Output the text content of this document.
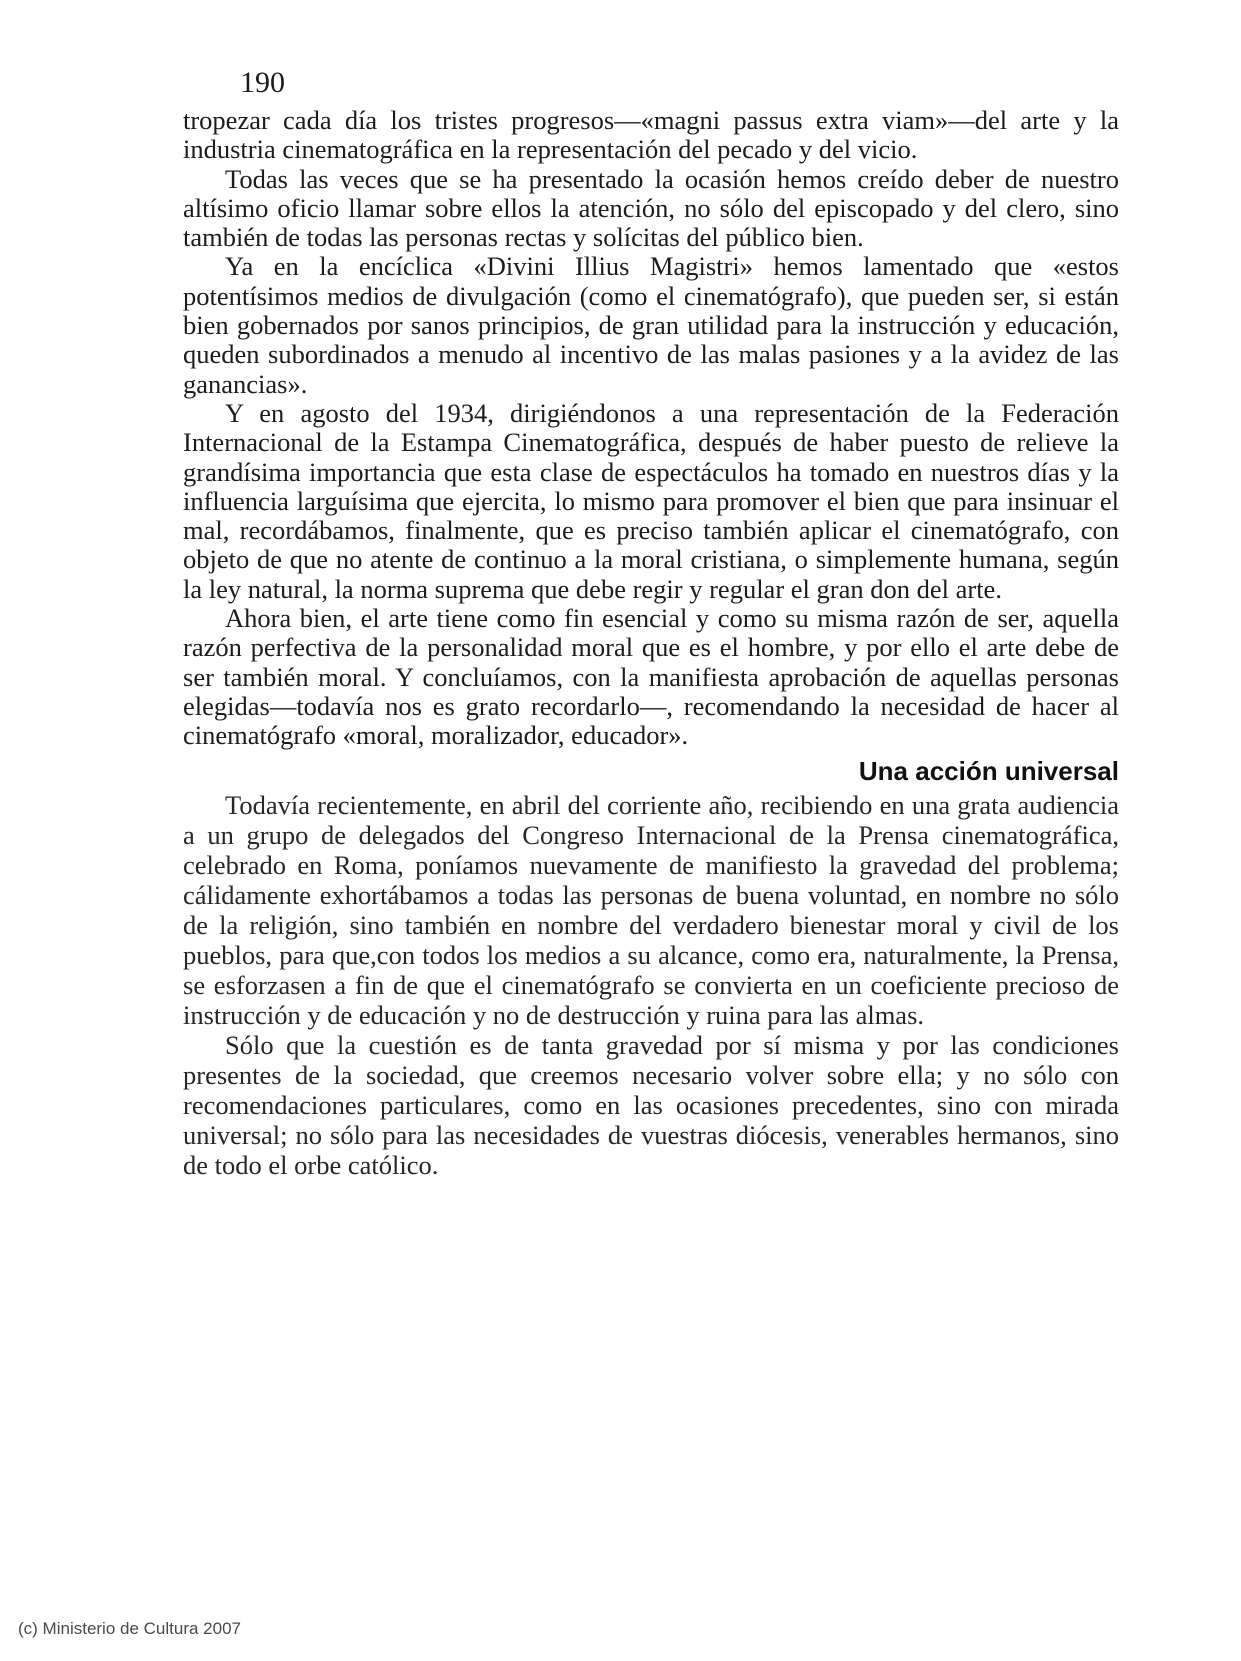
190

tropezar cada día los tristes progresos—«magni passus extra viam»—del arte y la industria cinematográfica en la representación del pecado y del vicio.

Todas las veces que se ha presentado la ocasión hemos creído deber de nuestro altísimo oficio llamar sobre ellos la atención, no sólo del episcopado y del clero, sino también de todas las personas rectas y solícitas del público bien.

Ya en la encíclica «Divini Illius Magistri» hemos lamentado que «estos potentísimos medios de divulgación (como el cinematógrafo), que pueden ser, si están bien gobernados por sanos principios, de gran utilidad para la instrucción y educación, queden subordinados a menudo al incentivo de las malas pasiones y a la avidez de las ganancias».

Y en agosto del 1934, dirigiéndonos a una representación de la Federación Internacional de la Estampa Cinematográfica, después de haber puesto de relieve la grandísima importancia que esta clase de espectáculos ha tomado en nuestros días y la influencia larguísima que ejercita, lo mismo para promover el bien que para insinuar el mal, recordábamos, finalmente, que es preciso también aplicar el cinematógrafo, con objeto de que no atente de continuo a la moral cristiana, o simplemente humana, según la ley natural, la norma suprema que debe regir y regular el gran don del arte.

Ahora bien, el arte tiene como fin esencial y como su misma razón de ser, aquella razón perfectiva de la personalidad moral que es el hombre, y por ello el arte debe de ser también moral. Y concluíamos, con la manifiesta aprobación de aquellas personas elegidas—todavía nos es grato recordarlo—, recomendando la necesidad de hacer al cinematógrafo «moral, moralizador, educador».

Una acción universal

Todavía recientemente, en abril del corriente año, recibiendo en una grata audiencia a un grupo de delegados del Congreso Internacional de la Prensa cinematográfica, celebrado en Roma, poníamos nuevamente de manifiesto la gravedad del problema; cálidamente exhortábamos a todas las personas de buena voluntad, en nombre no sólo de la religión, sino también en nombre del verdadero bienestar moral y civil de los pueblos, para que,con todos los medios a su alcance, como era, naturalmente, la Prensa, se esforzasen a fin de que el cinematógrafo se convierta en un coeficiente precioso de instrucción y de educación y no de destrucción y ruina para las almas.

Sólo que la cuestión es de tanta gravedad por sí misma y por las condiciones presentes de la sociedad, que creemos necesario volver sobre ella; y no sólo con recomendaciones particulares, como en las ocasiones precedentes, sino con mirada universal; no sólo para las necesidades de vuestras diócesis, venerables hermanos, sino de todo el orbe católico.

(c) Ministerio de Cultura 2007
